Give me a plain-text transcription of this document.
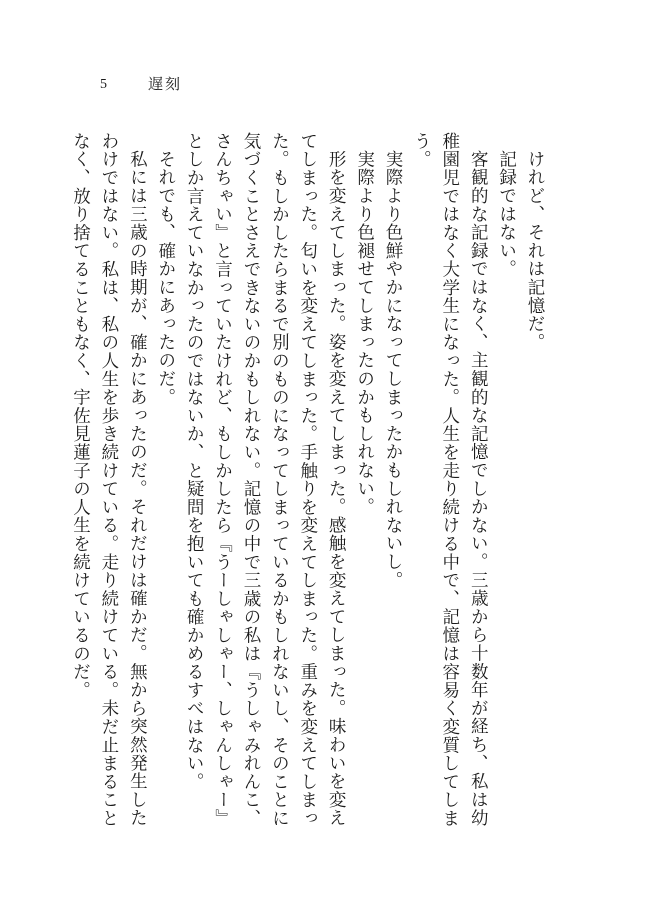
5	遅刻

けれど、それは記憶だ。

記録ではない。

客観的な記録ではなく、主観的な記憶でしかない。三歳から十数年が経ち、私は幼稚園児ではなく大学生になった。人生を走り続ける中で、記憶は容易く変質してしまう。

実際より色鮮やかになってしまったかもしれないし。

実際より色褪せてしまったのかもしれない。

形を変えてしまった。姿を変えてしまった。感触を変えてしまった。味わいを変えてしまった。匂いを変えてしまった。手触りを変えてしまった。重みを変えてしまった。もしかしたらまるで別のものになってしまっているかもしれないし、そのことに気づくことさえできないのかもしれない。記憶の中で三歳の私は『うしゃみれんこ、さんちゃい』と言っていたけれど、もしかしたら『うーしゃしゃー、しゃんしゃー』としか言えていなかったのではないか、と疑問を抱いても確かめるすべはない。

それでも、確かにあったのだ。

私には三歳の時期が、確かにあったのだ。それだけは確かだ。無から突然発生したわけではない。私は、私の人生を歩き続けている。走り続けている。未だ止まることなく、放り捨てることもなく、宇佐見蓮子の人生を続けているのだ。
